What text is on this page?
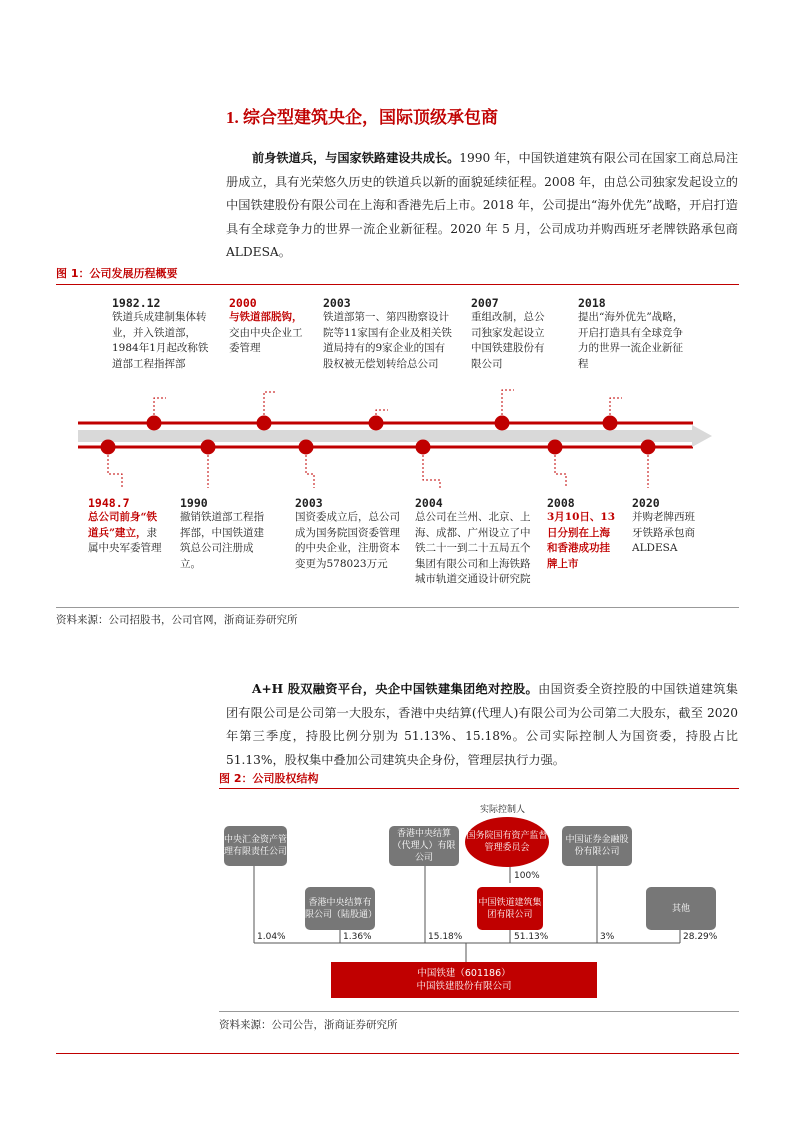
1. 综合型建筑央企，国际顶级承包商
前身铁道兵，与国家铁路建设共成长。1990 年，中国铁道建筑有限公司在国家工商总局注册成立，具有光荣悠久历史的铁道兵以新的面貌延续征程。2008 年，由总公司独家发起设立的中国铁建股份有限公司在上海和香港先后上市。2018 年，公司提出“海外优先”战略，开启打造具有全球竞争力的世界一流企业新征程。2020 年 5 月，公司成功并购西班牙老牌铁路承包商 ALDESA。
图 1：公司发展历程概要
1982.12
铁道兵成建制集体转业，并入铁道部，1984年1月起改称铁道部工程指挥部
2000
与铁道部脱钩，交由中央企业工委管理
2003
铁道部第一、第四勘察设计院等11家国有企业及相关铁道局持有的9家企业的国有股权被无偿划转给总公司
2007
重组改制，总公司独家发起设立中国铁建股份有限公司
2018
提出“海外优先”战略，开启打造具有全球竞争力的世界一流企业新征程
1948.7
总公司前身“铁道兵”建立，隶属中央军委管理
1990
撤销铁道部工程指挥部，中国铁道建筑总公司注册成立。
2003
国资委成立后，总公司成为国务院国资委管理的中央企业，注册资本变更为578023万元
2004
总公司在兰州、北京、上海、成都、广州设立了中铁二十一到二十五局五个集团有限公司和上海铁路城市轨道交通设计研究院
2008
3月10日、13日分别在上海和香港成功挂牌上市
2020
并购老牌西班牙铁路承包商ALDESA
资料来源：公司招股书，公司官网，浙商证券研究所
A+H 股双融资平台，央企中国铁建集团绝对控股。由国资委全资控股的中国铁道建筑集团有限公司是公司第一大股东，香港中央结算(代理人)有限公司为公司第二大股东，截至 2020 年第三季度，持股比例分别为 51.13%、15.18%。公司实际控制人为国资委，持股占比 51.13%，股权集中叠加公司建筑央企身份，管理层执行力强。
图 2：公司股权结构
实际控制人
中央汇金资产管理有限责任公司
香港中央结算有限公司（陆股通）
香港中央结算（代理人）有限公司
国务院国有资产监督管理委员会
中国铁道建筑集团有限公司
中国证券金融股份有限公司
其他
100%
1.04%	1.36%	15.18%	51.13%	3%	28.29%
中国铁建（601186）
中国铁建股份有限公司
资料来源：公司公告，浙商证券研究所
